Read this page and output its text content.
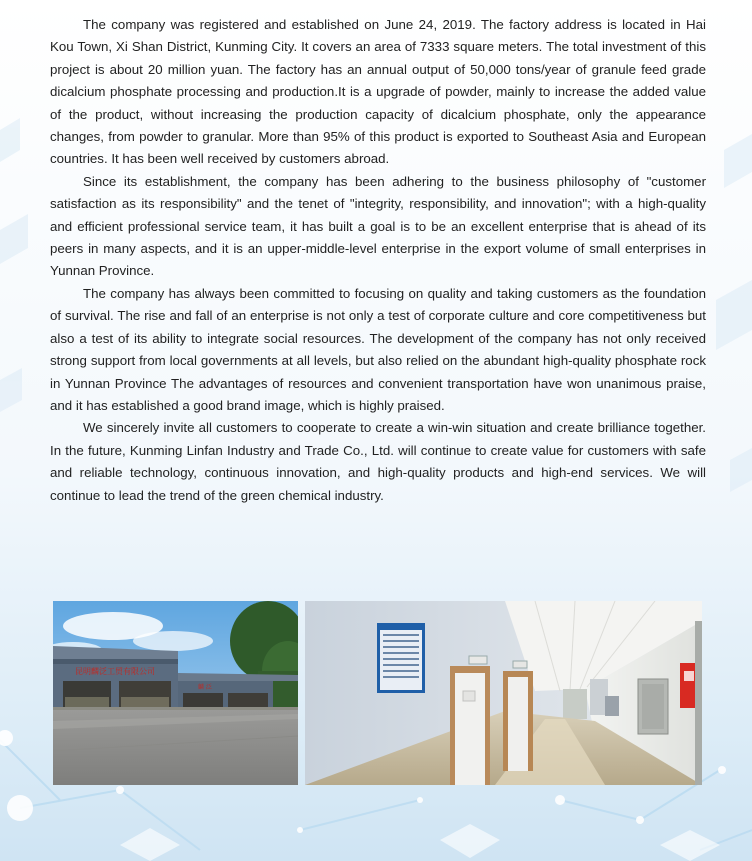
The company was registered and established on June 24, 2019. The factory address is located in Hai Kou Town, Xi Shan District, Kunming City. It covers an area of 7333 square meters. The total investment of this project is about 20 million yuan. The factory has an annual output of 50,000 tons/year of granule feed grade dicalcium phosphate processing and production.It is a upgrade of powder, mainly to increase the added value of the product, without increasing the production capacity of dicalcium phosphate, only the appearance changes, from powder to granular. More than 95% of this product is exported to Southeast Asia and European countries. It has been well received by customers abroad.

Since its establishment, the company has been adhering to the business philosophy of "customer satisfaction as its responsibility" and the tenet of "integrity, responsibility, and innovation"; with a high-quality and efficient professional service team, it has built a goal is to be an excellent enterprise that is ahead of its peers in many aspects, and it is an upper-middle-level enterprise in the export volume of small enterprises in Yunnan Province.

The company has always been committed to focusing on quality and taking customers as the foundation of survival. The rise and fall of an enterprise is not only a test of corporate culture and core competitiveness but also a test of its ability to integrate social resources. The development of the company has not only received strong support from local governments at all levels, but also relied on the abundant high-quality phosphate rock in Yunnan Province The advantages of resources and convenient transportation have won unanimous praise, and it has established a good brand image, which is highly praised.

We sincerely invite all customers to cooperate to create a win-win situation and create brilliance together. In the future, Kunming Linfan Industry and Trade Co., Ltd. will continue to create value for customers with safe and reliable technology, continuous innovation, and high-quality products and high-end services. We will continue to lead the trend of the green chemical industry.

昆明麟泛工贸有限公司
麟 泛
